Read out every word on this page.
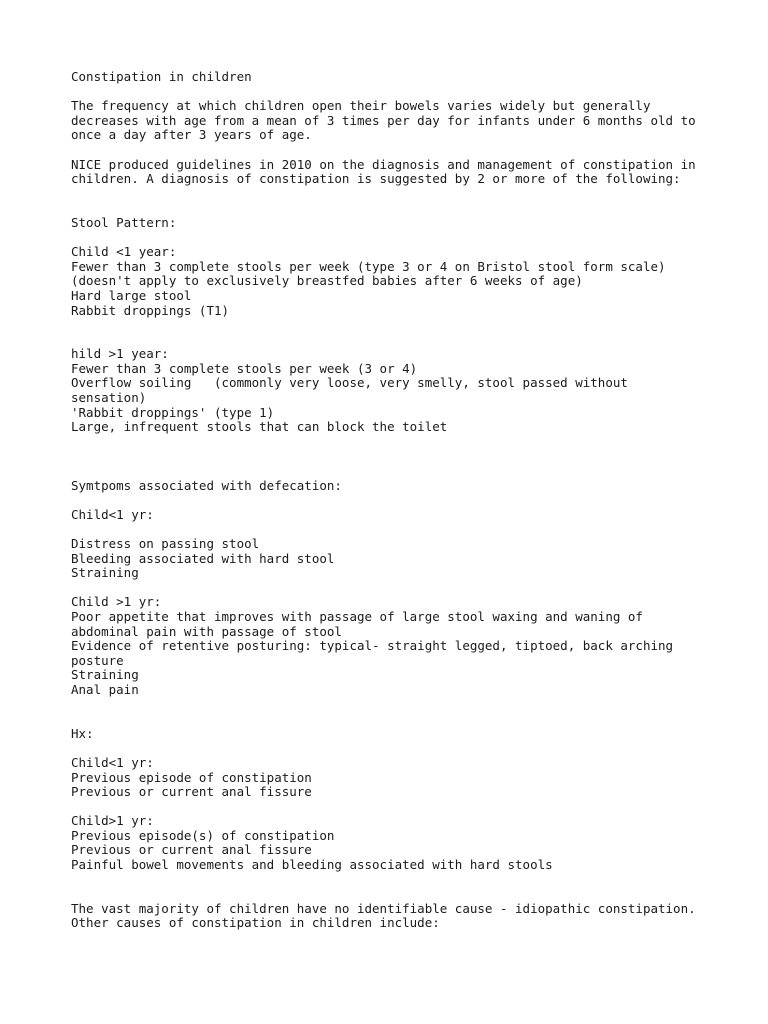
Constipation in children
The frequency at which children open their bowels varies widely but generally
decreases with age from a mean of 3 times per day for infants under 6 months old to
once a day after 3 years of age.
NICE produced guidelines in 2010 on the diagnosis and management of constipation in
children. A diagnosis of constipation is suggested by 2 or more of the following:
Stool Pattern:
Child <1 year:
Fewer than 3 complete stools per week (type 3 or 4 on Bristol stool form scale)
(doesn't apply to exclusively breastfed babies after 6 weeks of age)
Hard large stool
Rabbit droppings (T1)
hild >1 year:
Fewer than 3 complete stools per week (3 or 4)
Overflow soiling   (commonly very loose, very smelly, stool passed without
sensation)
'Rabbit droppings' (type 1)
Large, infrequent stools that can block the toilet
Symtpoms associated with defecation:
Child<1 yr:
Distress on passing stool
Bleeding associated with hard stool
Straining
Child >1 yr:
Poor appetite that improves with passage of large stool waxing and waning of
abdominal pain with passage of stool
Evidence of retentive posturing: typical- straight legged, tiptoed, back arching
posture
Straining
Anal pain
Hx:
Child<1 yr:
Previous episode of constipation
Previous or current anal fissure
Child>1 yr:
Previous episode(s) of constipation
Previous or current anal fissure
Painful bowel movements and bleeding associated with hard stools
The vast majority of children have no identifiable cause - idiopathic constipation.
Other causes of constipation in children include:
